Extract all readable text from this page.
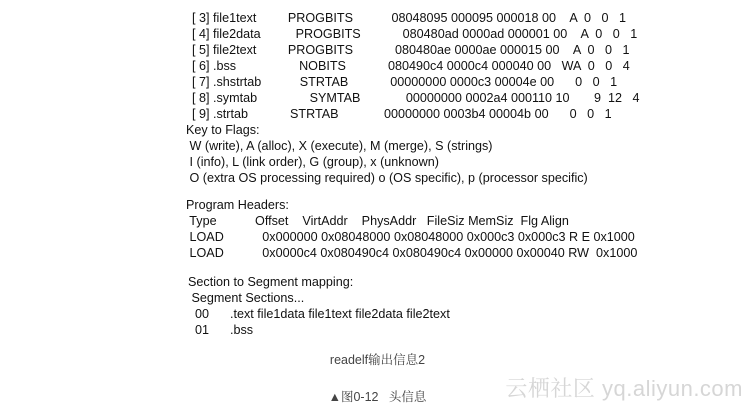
[ 3] file1text         PROGBITS           08048095 000095 000018 00    A  0   0   1
[ 4] file2data          PROGBITS            080480ad 0000ad 000001 00    A  0   0   1
[ 5] file2text         PROGBITS            080480ae 0000ae 000015 00    A  0   0   1
[ 6] .bss                  NOBITS            080490c4 0000c4 000040 00   WA  0   0   4
[ 7] .shstrtab           STRTAB            00000000 0000c3 00004e 00      0   0   1
[ 8] .symtab               SYMTAB             00000000 0002a4 000110 10       9  12   4
[ 9] .strtab            STRTAB             00000000 0003b4 00004b 00      0   0   1
Key to Flags:
W (write), A (alloc), X (execute), M (merge), S (strings)
I (info), L (link order), G (group), x (unknown)
O (extra OS processing required) o (OS specific), p (processor specific)
Program Headers:
Type           Offset    VirtAddr    PhysAddr   FileSiz MemSiz  Flg Align
LOAD           0x000000 0x08048000 0x08048000 0x000c3 0x000c3 R E 0x1000
LOAD           0x0000c4 0x080490c4 0x080490c4 0x00000 0x00040 RW  0x1000
Section to Segment mapping:
Segment Sections...
00      .text file1data file1text file2data file2text
01      .bss
readelf输出信息2
▲图0-12   头信息	云栖社区 yq.aliyun.com
